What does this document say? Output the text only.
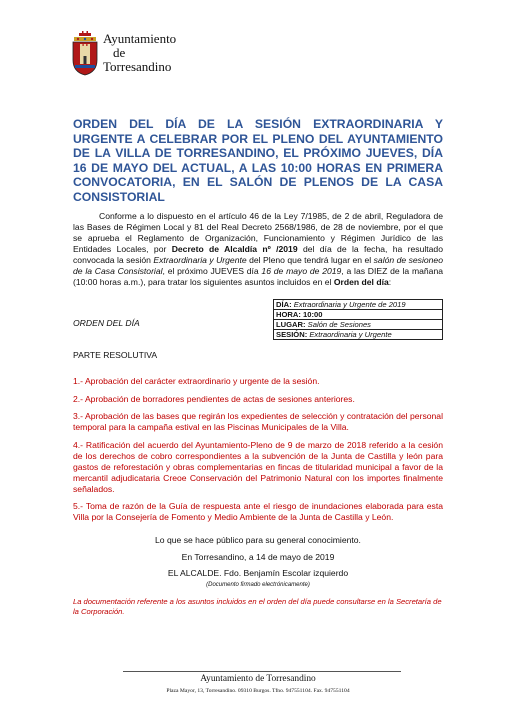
Ayuntamiento
de
Torresandino

ORDEN DEL DÍA DE LA SESIÓN EXTRAORDINARIA Y URGENTE A CELEBRAR POR EL PLENO DEL AYUNTAMIENTO DE LA VILLA DE TORRESANDINO, EL PRÓXIMO JUEVES, DÍA 16 DE MAYO DEL ACTUAL, A LAS 10:00 HORAS EN PRIMERA CONVOCATORIA, EN EL SALÓN DE PLENOS DE LA CASA CONSISTORIAL

Conforme a lo dispuesto en el artículo 46 de la Ley 7/1985, de 2 de abril, Reguladora de las Bases de Régimen Local y 81 del Real Decreto 2568/1986, de 28 de noviembre, por el que se aprueba el Reglamento de Organización, Funcionamiento y Régimen Jurídico de las Entidades Locales, por Decreto de Alcaldía nº /2019 del día de la fecha, ha resultado convocada la sesión Extraordinaria y Urgente del Pleno que tendrá lugar en el salón de sesioneo de la Casa Consistorial, el próximo JUEVES día 16 de mayo de 2019, a las DIEZ de la mañana (10:00 horas a.m.), para tratar los siguientes asuntos incluidos en el Orden del día:

ORDEN DEL DÍA
DÍA: Extraordinaria y Urgente de 2019
HORA: 10:00
LUGAR: Salón de Sesiones
SESIÓN: Extraordinaria y Urgente
PARTE RESOLUTIVA

1.- Aprobación del carácter extraordinario y urgente de la sesión.

2.- Aprobación de borradores pendientes de actas de sesiones anteriores.

3.- Aprobación de las bases que regirán los expedientes de selección y contratación del personal temporal para la campaña estival en las Piscinas Municipales de la Villa.

4.- Ratificación del acuerdo del Ayuntamiento-Pleno de 9 de marzo de 2018 referido a la cesión de los derechos de cobro correspondientes a la subvención de la Junta de Castilla y león para gastos de reforestación y obras complementarias en fincas de titularidad municipal a favor de la mercantil adjudicataria Creoe Conservación del Patrimonio Natural con los importes finalmente señalados.

5.- Toma de razón de la Guía de respuesta ante el riesgo de inundaciones elaborada para esta Villa por la Consejería de Fomento y Medio Ambiente de la Junta de Castilla y León.

Lo que se hace público para su general conocimiento.
En Torresandino, a 14 de mayo de 2019
EL ALCALDE. Fdo. Benjamín Escolar izquierdo
(Documento firmado electrónicamente)

La documentación referente a los asuntos incluidos en el orden del día puede consultarse en la Secretaría de la Corporación.

Ayuntamiento de Torresandino
Plaza Mayor, 13, Torresandino. 09310 Burgos. Tfno. 947551104. Fax. 947551104
